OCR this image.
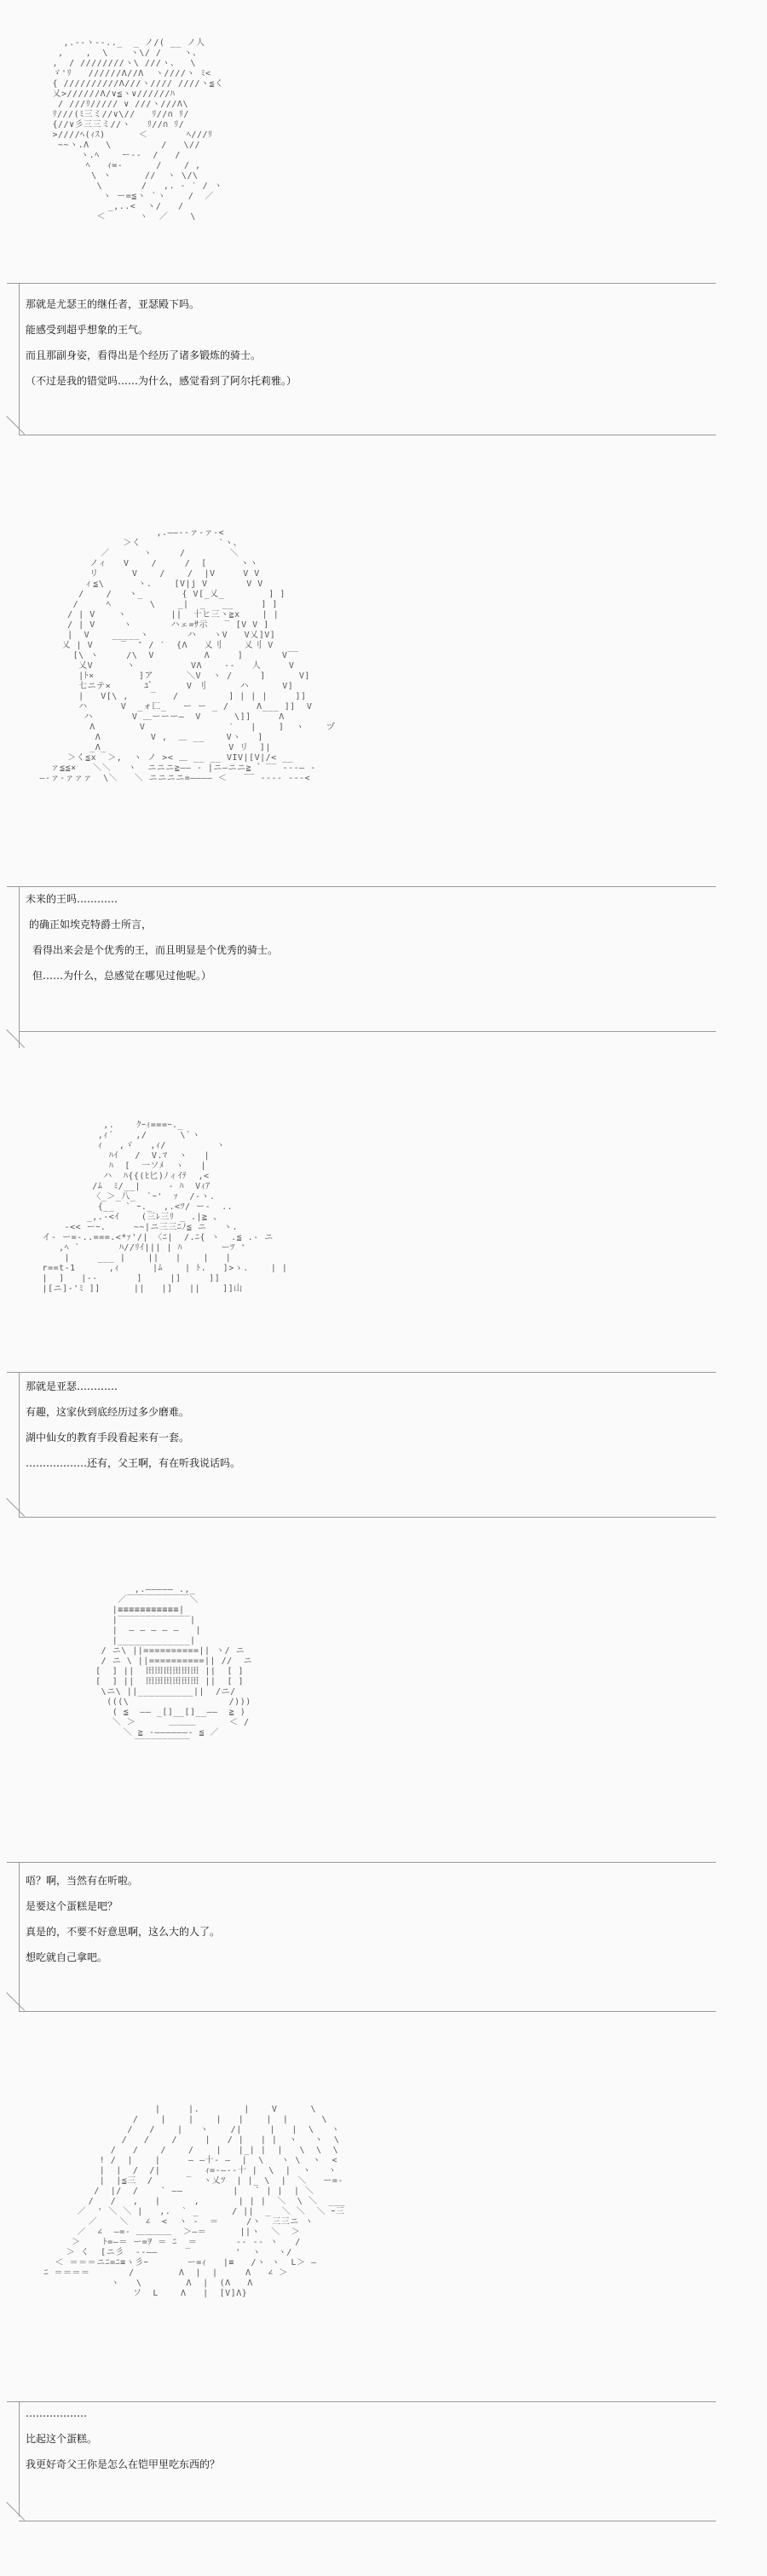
,.-‐ヽ‐-.._  _ ノ/( __ ノ人
,    ,  \    ヽ\/ /    ヽ、
,  / ////////ヽ\ ///ヽ、  \
ゞ'ﾘ   //////Λ//Λ  ヽ////ヽ ﾐ<
{ //////////Λ///ヽ//// ////ヽ≦く
乂>//////Λ/∨≦ヽ∨//////ﾊ
/ ///ﾘ///// ∨ ///ヽ///Λ\
ﾘ///(ﾐ三ミ//∨\//   ﾘ//∩ ﾘ/
{//∨彡三三ミ//ヽ   ﾘ//∩ ﾘ/
>////ﾍ(ｨｽ)      ＜       ﾍ///ﾘ
~~ヽ.Λ   \         /   \//
ヽ.ﾍ    ー‐-  /   /
ﾍ   ｨ=-      /    / ,
\ ヽ      //  ヽ \/\
\       /   ,. ‐ ′ / ヽ
ヽ ー=≦ヽ `ヽ    /  ／
_,..<  ヽ/   /
＜      ヽ  ／    \
那就是尤瑟王的继任者，亚瑟殿下吗。
能感受到超乎想象的王气。
而且那副身姿，看得出是个经历了诸多锻炼的骑士。
（不过是我的错觉吗……为什么，感觉看到了阿尔托莉雅。）
,.――-‐ァ-ァ‐<
＞く              `ヽ、
／      ヽ     /        ＼
ノィ   V    /     /  [      ヽヽ
リ      V    /    /  |V     V V
ィ≦\      ヽ.    [V|j V       V V
/    /   ヽ_       { V[_乂_        ] ]
/     ﾍ       \    _|  _   __     ] ]
/ | V    ヽ        ||  十ヒ三ヽ≧x    | |
/ | V     ヽ       ハェ=ｻ示   ‾ [V V ]
|  V    _____ヽ       ハ   ヽV   V乂]V]
乂 | V     ‾  ″ / ′  {Λ   乂刂    乂刂 V
[\ ヽ     /\  V         Λ     ]       V‾‾
乂V      ヽ          VΛ    --   人     V
|ﾄ×        ]ア      ＼V  ヽ /     ]      V]
七ニテ×      ﾕﾞ      V 刂      ハ      V]
|   V[\ ,    ‾   /         ] | | |     ]]
ハ      V  _ォ匚_   ー ー _ /     Λ___ ]]  V
ハ       V ＿ーーー―  V      \]]     Λ
Λ        V               ′   |    ]  ヽ    ヅ
Λ         V ,  ＿ __    Vヽ   ]
_Λ_                      V リ  ]|
＞く≦x  ＞,  ヽ ノ >< ＿ __ __ VIV|[V|/< __
ァ≦≦×   ＼＼   ヽ  ニニニ≧―― ‐ |ニ―ニニ≧ ゛‾‾ ‐‐-― ‐
―‐ァ‐ァァァ  \＼   ＼ ニニニニ=―――― ＜   ‾‾ ‐‐-‐ ‐‐-<
未来的王吗…………
的确正如埃克特爵士所言，
看得出来会是个优秀的王，而且明显是个优秀的骑士。
但……为什么，总感觉在哪见过他呢。）
,.    ｸｰｨ===ｰ._
,ｨ´    ,/      \`ヽ
ｨ   ,ゞ   ,ｨ/         ヽ
ﾊｲ   /  V.ﾏ  ヽ   |
ﾊ  [  一ソﾒ  ヽ   |
ハ  ﾊ{{(ﾋ匕)ﾉィｲﾃ  ,<
/ﾑ  ﾐ/__|     - ﾊ  Vｨｱ
〈_＞_八_  `ｰ'  ｧ  /‐ヽ.
{__  ` ｰ._  ,.<ﾂ/ ー‐  ..
_,.‐<ｲ    (三ﾚ三ﾘ _ .|≧ 、
‐<< ーｰ.     ~~|ニ三三ﾆﾉ≦ ニ   ヽ.
イ‐ ー=‐..===.<*ｧ'/| 〈ﾆ|  /.ﾆ{ ヽ  .≦ .‐ ニ
,ﾍ `       ﾊ//ﾘｲ||| | ﾊ       ーﾂ '
|     ___ |    ||   |    |   |
r==t-1      ,ｨ      |ﾑ    | ﾄ.   ]>ゝ.    | |
|  ]   |-‐       ]     |]     ]]
|[ニ]‐'ﾐ ]]      ||   |]   ||    ]]山
那就是亚瑟…………
有趣，这家伙到底经历过多少磨难。
湖中仙女的教育手段看起来有一套。
………………还有，父王啊，有在听我说话吗。
,.――――― .,_
／￣￣￣￣￣￣￣＼
|≡≡≡≡≡≡≡≡≡≡≡|
|‾‾‾‾‾‾‾‾‾‾‾‾‾|
|  ― ― ― ― ―   |
|_____________|
/ ニ\ ||==========|| ヽ/ ニ
/ ニ \ ||==========|| //  ニ
[  ] ||  田田田田田田 ||  [ ]
[  ] ||  田田田田田田 ||  [ ]
\ニ\ ||__________||  /ニ/
(((\                  /)))
( ≦  ―― _[]__[]__――  ≧ )
＼ ＞      ＿＿＿      ＜ /
＼ ≧ ‐――――――‐ ≦ ／
‾‾‾‾‾‾‾‾‾‾
唔？啊，当然有在听啦。
是要这个蛋糕是吧？
真是的，不要不好意思啊，这么大的人了。
想吃就自己拿吧。
|     |.        |    V      \
/    |    |    |   |    |  |      \
/   /    |   ヽ    /|     |   |  \   ヽ
/   /    /     |   / |   | |  ヽ   ヽ  \
/   /    /    /    |   |_| |  |   \  \  \
! /  |    |     ― ―十‐ ―  |  \   ヽ \  ヽ  <
|  |  /  /|        ｨ=‐―‐‐十 |  \  |  ヽ   ヽ
|  |≦三  /      ‾  ヽ乂ﾂ  | |_ \  |  ＼   ー=-
/  |/  /    ` ――         |   ` | |  | ＼
/   /   ,   |      ,       | | |  ＼  \ ＼  ___
／  ' ＼ ＼ |   ,.  ` _      / ||  _  ＼ ＼  ＼ ｰ三
／    ＼   ∠  <  ヽ ‐  ＝     /ヽ  三三ニ ヽ
／  ∠  ―=‐ ＿＿＿＿  ＞―＝      ||ヽ  ＼  ＞
＞    ﾄ=―＝ ー=ｦ ＝ ﾆ  ＝       ‐‐ ‐‐ ヽ   /
＞ く  [ニ彡  ‐‐――     ‾        '  ヽ   ヽ/
＜ ＝＝＝ニﾆ=ﾆ≡ヽ彡ｰ       ー=ｨ   |≡   /ヽ ヽ  L＞ ―
ﾆ ＝＝＝＝       /        Λ  |  |     Λ   ∠ ＞
ヽ   \        Λ  |  (Λ   Λ
ソ  L    Λ   |  [V]Λ}
………………
比起这个蛋糕。
我更好奇父王你是怎么在铠甲里吃东西的？
